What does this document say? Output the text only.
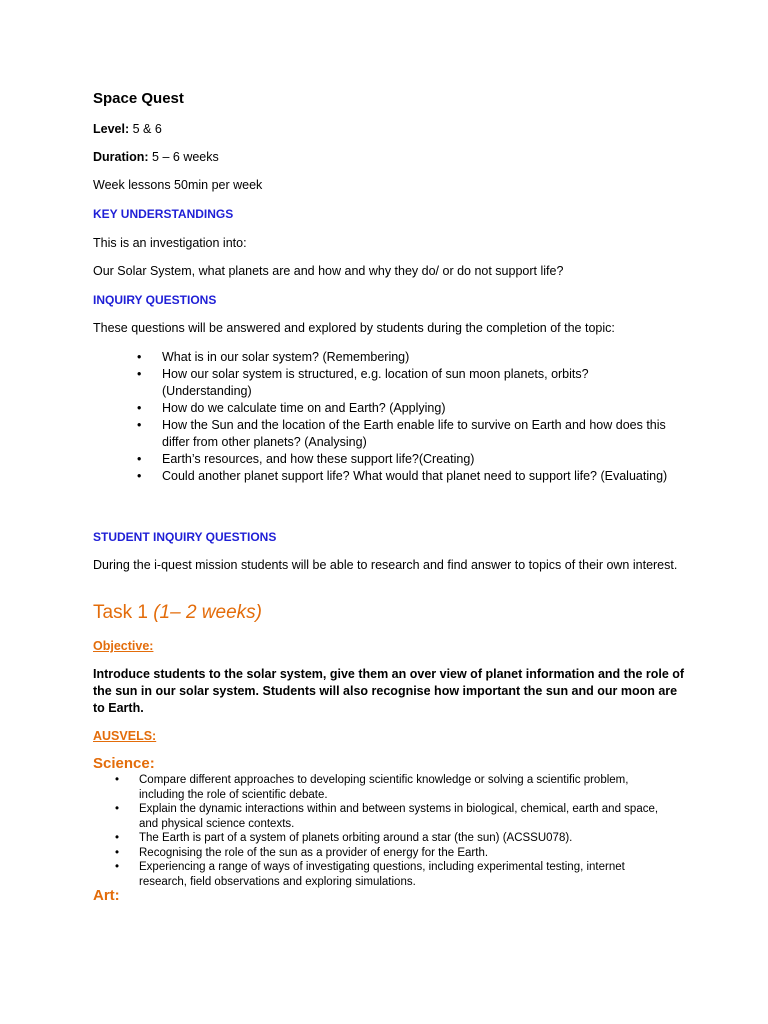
Space Quest
Level: 5 & 6
Duration: 5 – 6 weeks
Week lessons 50min per week
KEY UNDERSTANDINGS
This is an investigation into:
Our Solar System, what planets are and how and why they do/ or do not support life?
INQUIRY QUESTIONS
These questions will be answered and explored by students during the completion of the topic:
• What is in our solar system? (Remembering)
• How our solar system is structured, e.g. location of sun moon planets, orbits? (Understanding)
• How do we calculate time on and Earth? (Applying)
• How the Sun and the location of the Earth enable life to survive on Earth and how does this differ from other planets? (Analysing)
• Earth’s resources, and how these support life?(Creating)
• Could another planet support life? What would that planet need to support life? (Evaluating)
STUDENT INQUIRY QUESTIONS
During the i-quest mission students will be able to research and find answer to topics of their own interest.
Task 1 (1– 2 weeks)
Objective:
Introduce students to the solar system, give them an over view of planet information and the role of the sun in our solar system. Students will also recognise how important the sun and our moon are to Earth.
AUSVELS:
Science:
• Compare different approaches to developing scientific knowledge or solving a scientific problem, including the role of scientific debate.
• Explain the dynamic interactions within and between systems in biological, chemical, earth and space, and physical science contexts.
• The Earth is part of a system of planets orbiting around a star (the sun) (ACSSU078).
• Recognising the role of the sun as a provider of energy for the Earth.
• Experiencing a range of ways of investigating questions, including experimental testing, internet research, field observations and exploring simulations.
Art:
